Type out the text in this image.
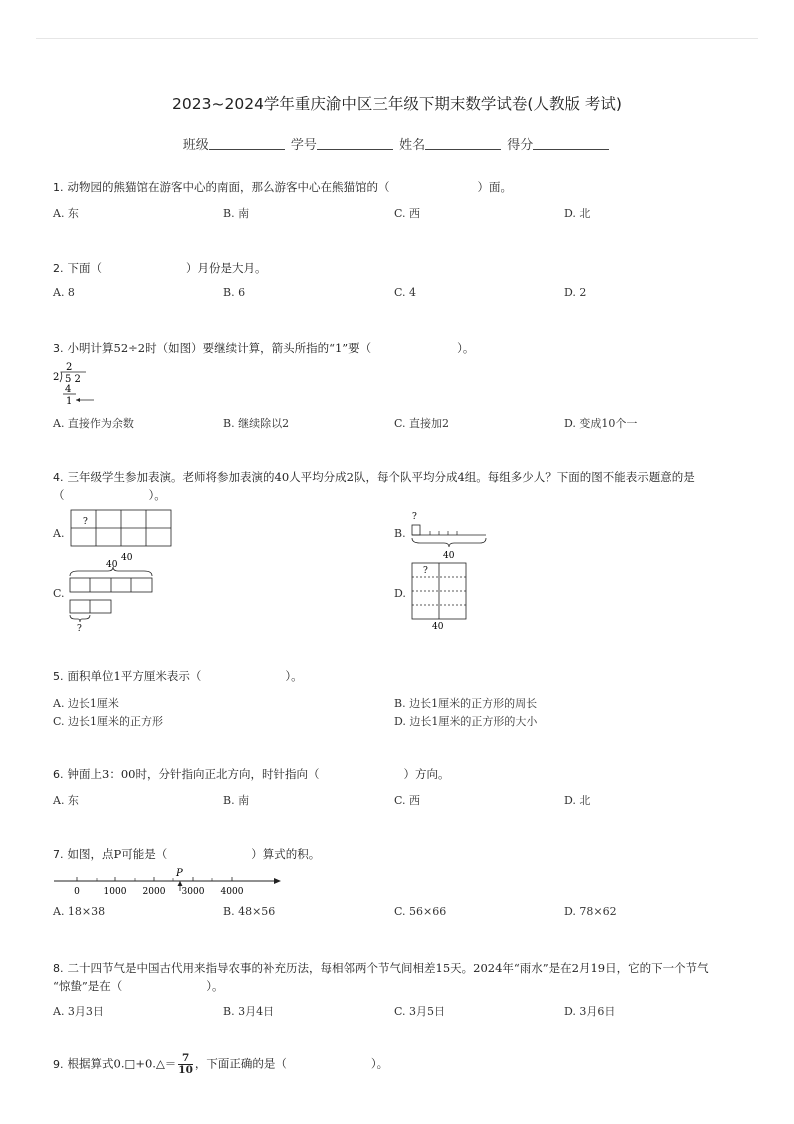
2023~2024学年重庆渝中区三年级下期末数学试卷(人教版 考试)
班级	学号	姓名	得分
1. 动物园的熊猫馆在游客中心的南面，那么游客中心在熊猫馆的（	）面。
A. 东	B. 南	C. 西	D. 北
2. 下面（	）月份是大月。
A. 8	B. 6	C. 4	D. 2
3. 小明计算52÷2时（如图）要继续计算，箭头所指的“1”要（	）。
2
2 5 2
4
1
A. 直接作为余数	B. 继续除以2	C. 直接加2	D. 变成10个一
4. 三年级学生参加表演。老师将参加表演的40人平均分成2队，每个队平均分成4组。每组多少人？下面的图不能表示题意的是
（	）。
A.
?
40
B.
?
40
C.
40
?
D.
?
40
5. 面积单位1平方厘米表示（	）。
A. 边长1厘米	B. 边长1厘米的正方形的周长
C. 边长1厘米的正方形	D. 边长1厘米的正方形的大小
6. 钟面上3：00时，分针指向正北方向，时针指向（	）方向。
A. 东	B. 南	C. 西	D. 北
7. 如图，点P可能是（	）算式的积。
P
0	1000 2000 3000 4000
A. 18×38	B. 48×56	C. 56×66	D. 78×62
8. 二十四节气是中国古代用来指导农事的补充历法，每相邻两个节气间相差15天。2024年“雨水”是在2月19日，它的下一个节气
“惊蛰”是在（	）。
A. 3月3日	B. 3月4日	C. 3月5日	D. 3月6日
9. 根据算式0.□+0.△＝ $\frac{7}{10}$ ，下面正确的是（	）。
